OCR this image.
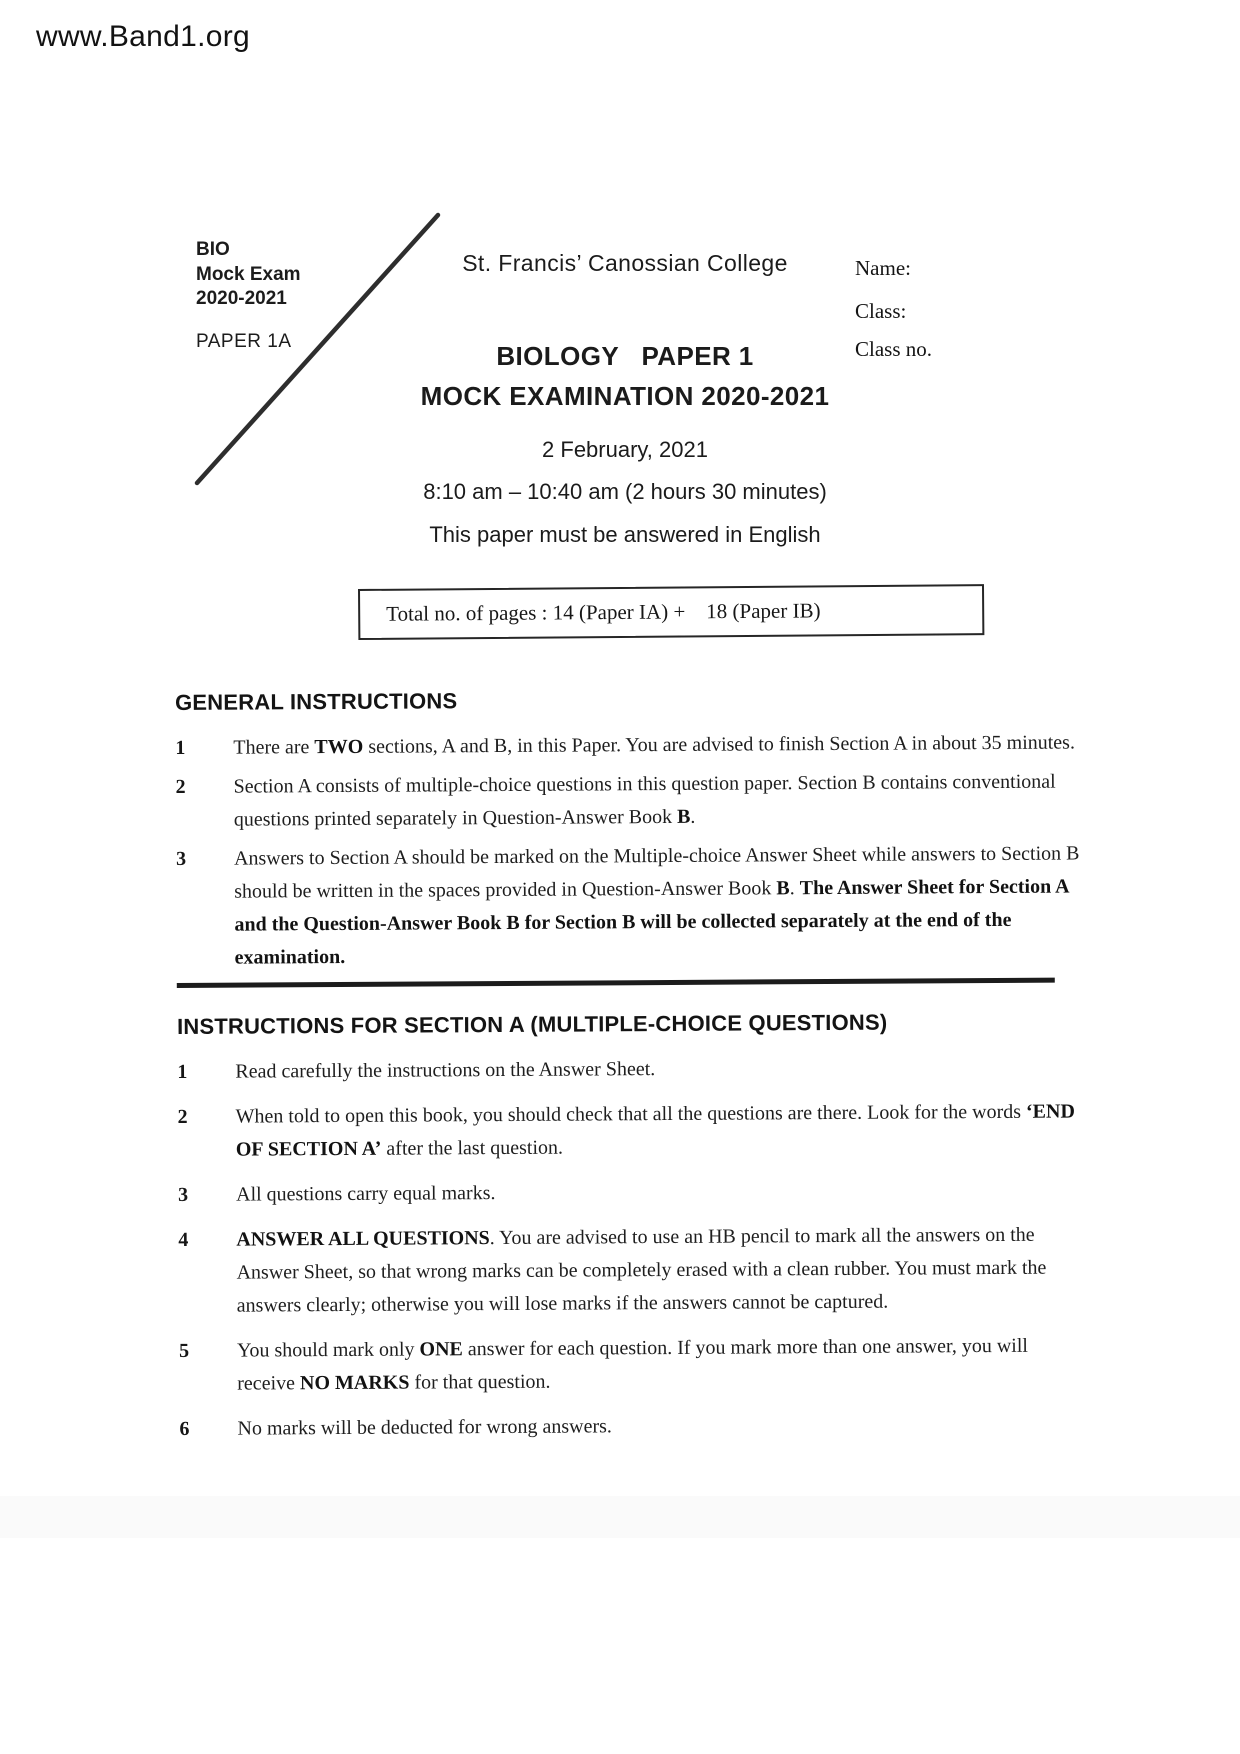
www.Band1.org
BIO
Mock Exam
2020-2021
PAPER 1A
St. Francis’ Canossian College	Name:
Class:
Class no.
BIOLOGY   PAPER 1
MOCK EXAMINATION 2020-2021
2 February, 2021
8:10 am – 10:40 am (2 hours 30 minutes)
This paper must be answered in English
Total no. of pages : 14 (Paper IA) +    18 (Paper IB)
GENERAL INSTRUCTIONS
1	There are TWO sections, A and B, in this Paper. You are advised to finish Section A in about 35 minutes.
2	Section A consists of multiple-choice questions in this question paper. Section B contains conventional questions printed separately in Question-Answer Book B.
3	Answers to Section A should be marked on the Multiple-choice Answer Sheet while answers to Section B should be written in the spaces provided in Question-Answer Book B. The Answer Sheet for Section A and the Question-Answer Book B for Section B will be collected separately at the end of the examination.
INSTRUCTIONS FOR SECTION A (MULTIPLE-CHOICE QUESTIONS)
1	Read carefully the instructions on the Answer Sheet.
2	When told to open this book, you should check that all the questions are there. Look for the words ‘END OF SECTION A’ after the last question.
3	All questions carry equal marks.
4	ANSWER ALL QUESTIONS. You are advised to use an HB pencil to mark all the answers on the Answer Sheet, so that wrong marks can be completely erased with a clean rubber. You must mark the answers clearly; otherwise you will lose marks if the answers cannot be captured.
5	You should mark only ONE answer for each question. If you mark more than one answer, you will receive NO MARKS for that question.
6	No marks will be deducted for wrong answers.
